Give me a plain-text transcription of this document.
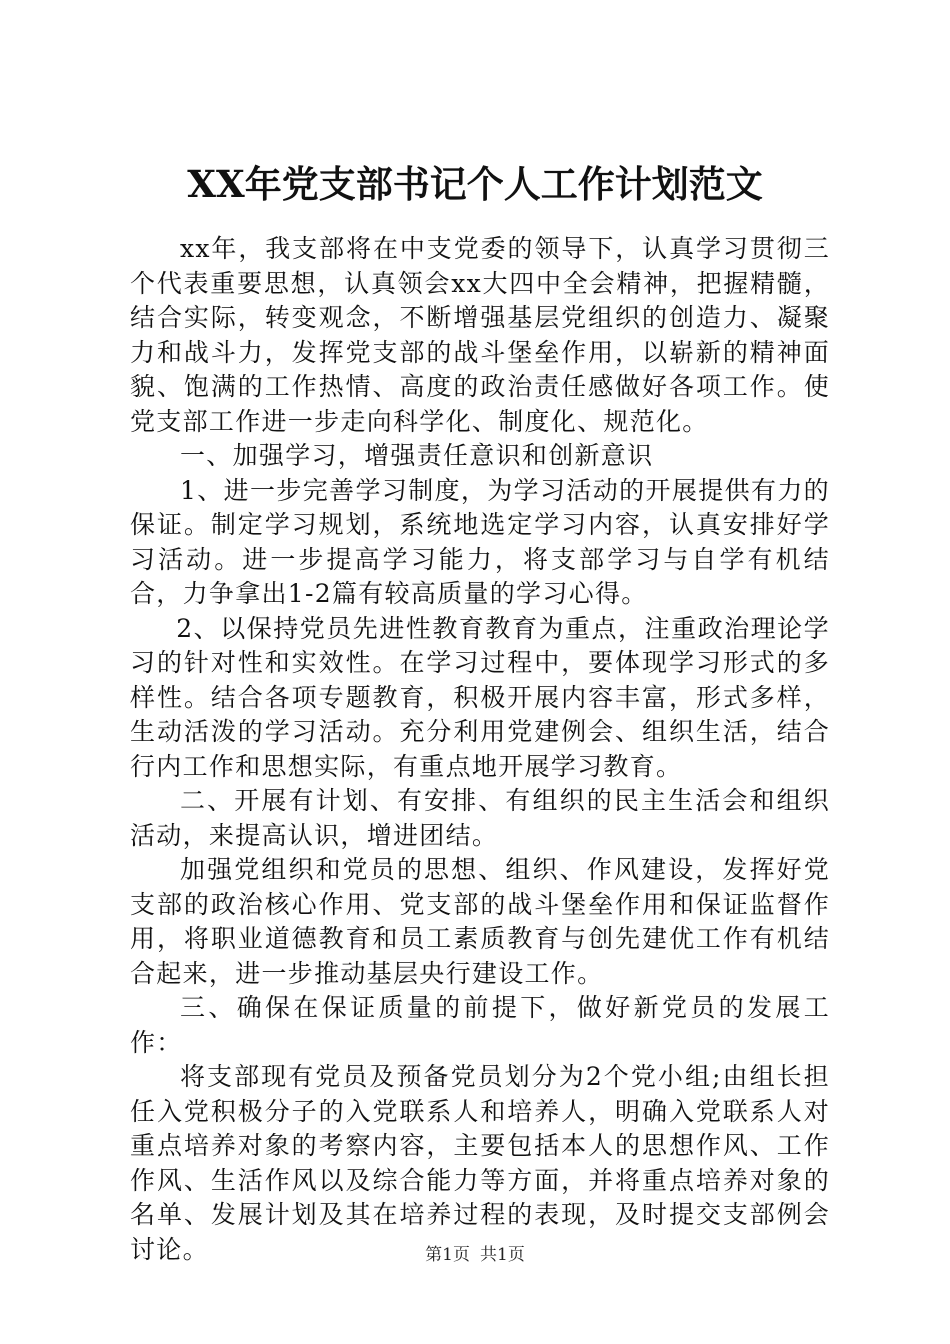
XX年党支部书记个人工作计划范文

xx年，我支部将在中支党委的领导下，认真学习贯彻三个代表重要思想，认真领会xx大四中全会精神，把握精髓，结合实际，转变观念，不断增强基层党组织的创造力、凝聚力和战斗力，发挥党支部的战斗堡垒作用，以崭新的精神面貌、饱满的工作热情、高度的政治责任感做好各项工作。使党支部工作进一步走向科学化、制度化、规范化。

一、加强学习，增强责任意识和创新意识

1、进一步完善学习制度，为学习活动的开展提供有力的保证。制定学习规划，系统地选定学习内容，认真安排好学习活动。进一步提高学习能力，将支部学习与自学有机结合，力争拿出1-2篇有较高质量的学习心得。

2、以保持党员先进性教育教育为重点，注重政治理论学习的针对性和实效性。在学习过程中，要体现学习形式的多样性。结合各项专题教育，积极开展内容丰富，形式多样，生动活泼的学习活动。充分利用党建例会、组织生活，结合行内工作和思想实际，有重点地开展学习教育。

二、开展有计划、有安排、有组织的民主生活会和组织活动，来提高认识，增进团结。

加强党组织和党员的思想、组织、作风建设，发挥好党支部的政治核心作用、党支部的战斗堡垒作用和保证监督作用，将职业道德教育和员工素质教育与创先建优工作有机结合起来，进一步推动基层央行建设工作。

三、确保在保证质量的前提下，做好新党员的发展工作：

将支部现有党员及预备党员划分为2个党小组;由组长担任入党积极分子的入党联系人和培养人，明确入党联系人对重点培养对象的考察内容，主要包括本人的思想作风、工作作风、生活作风以及综合能力等方面，并将重点培养对象的名单、发展计划及其在培养过程的表现，及时提交支部例会讨论。	第1页 共1页
